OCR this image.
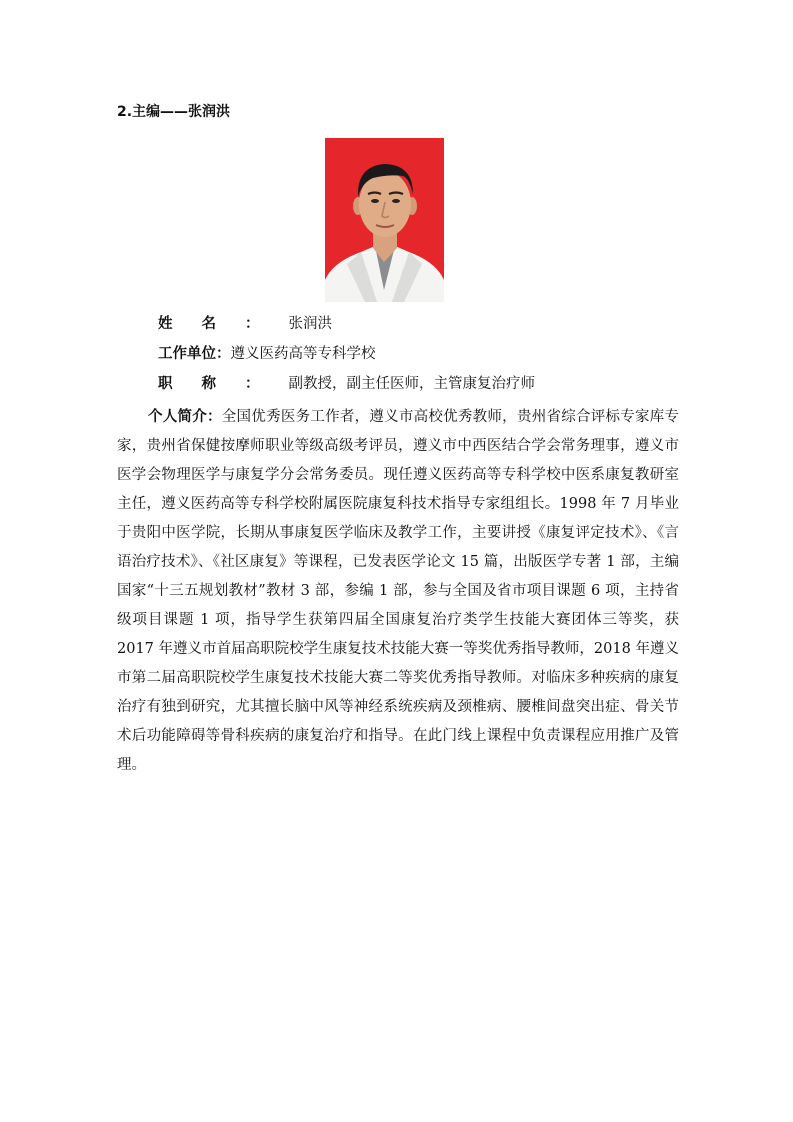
2.主编——张润洪
姓名：张润洪
工作单位：遵义医药高等专科学校
职称：副教授，副主任医师，主管康复治疗师

个人简介：全国优秀医务工作者，遵义市高校优秀教师，贵州省综合评标专家库专家，贵州省保健按摩师职业等级高级考评员，遵义市中西医结合学会常务理事，遵义市医学会物理医学与康复学分会常务委员。现任遵义医药高等专科学校中医系康复教研室主任，遵义医药高等专科学校附属医院康复科技术指导专家组组长。1998 年 7 月毕业于贵阳中医学院，长期从事康复医学临床及教学工作，主要讲授《康复评定技术》、《言语治疗技术》、《社区康复》等课程，已发表医学论文 15 篇，出版医学专著 1 部，主编国家“十三五规划教材”教材 3 部，参编 1 部，参与全国及省市项目课题 6 项，主持省级项目课题 1 项，指导学生获第四届全国康复治疗类学生技能大赛团体三等奖，获 2017 年遵义市首届高职院校学生康复技术技能大赛一等奖优秀指导教师，2018 年遵义市第二届高职院校学生康复技术技能大赛二等奖优秀指导教师。对临床多种疾病的康复治疗有独到研究，尤其擅长脑中风等神经系统疾病及颈椎病、腰椎间盘突出症、骨关节术后功能障碍等骨科疾病的康复治疗和指导。在此门线上课程中负责课程应用推广及管理。
